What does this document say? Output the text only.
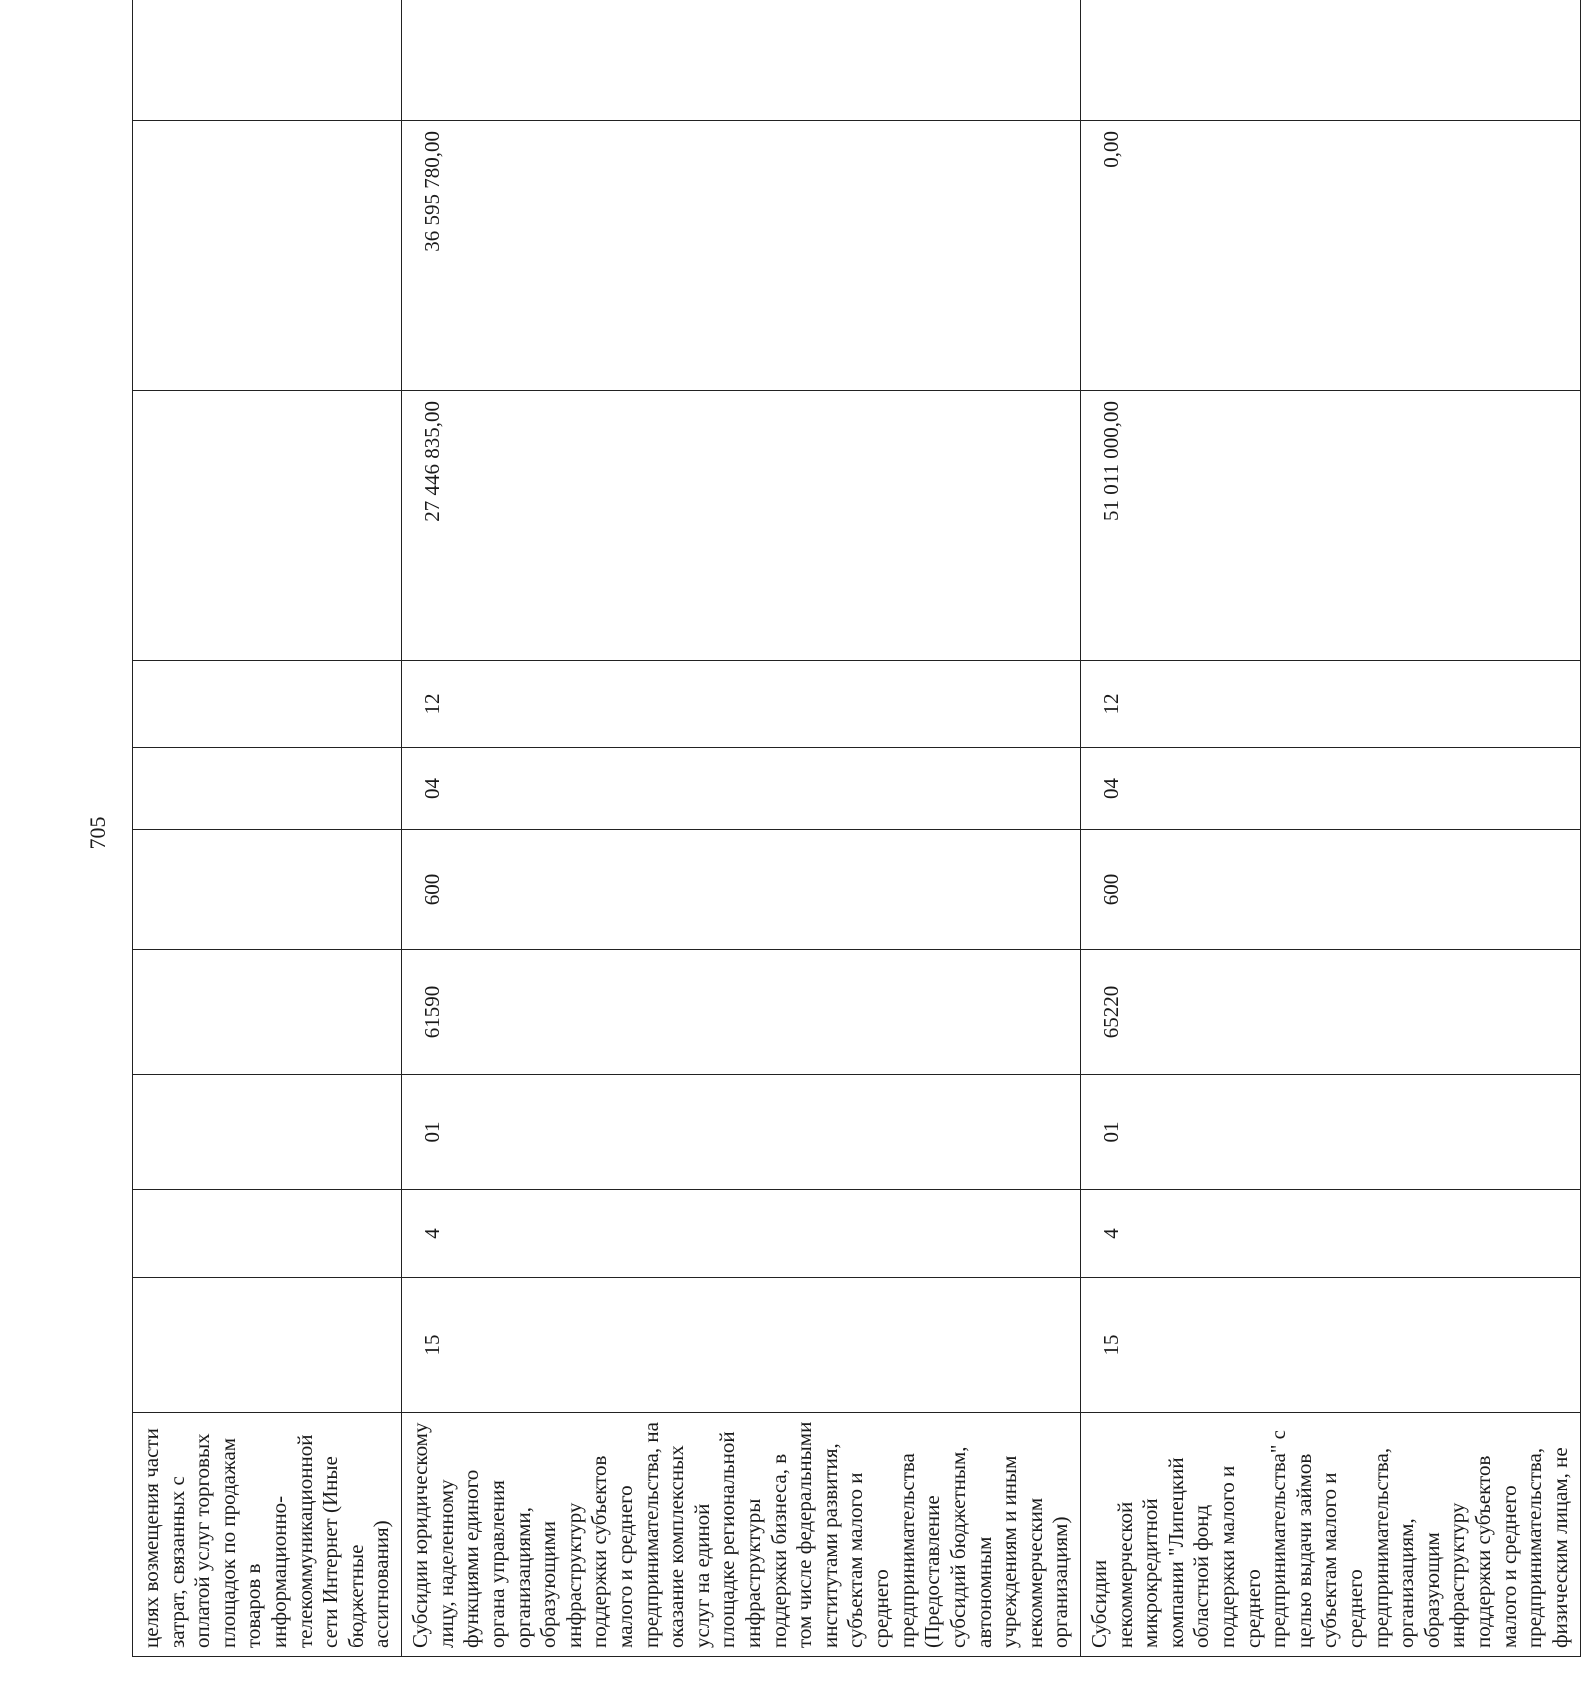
705
целях возмещения части затрат, связанных с оплатой услуг торговых площадок по продажам товаров в информационно-телекоммуникационной сети Интернет (Иные бюджетные ассигнования)										
Субсидии юридическому лицу, наделенному функциями единого органа управления организациями, образующими инфраструктуру поддержки субъектов малого и среднего предпринимательства, на оказание комплексных услуг на единой площадке региональной инфраструктуры поддержки бизнеса, в том числе федеральными институтами развития, субъектам малого и среднего предпринимательства (Предоставление субсидий бюджетным, автономным учреждениям и иным некоммерческим организациям)	15	4	01	61590	600	04	12	27 446 835,00	36 595 780,00	
Субсидии некоммерческой микрокредитной компании "Липецкий областной фонд поддержки малого и среднего предпринимательства" с целью выдачи займов субъектам малого и среднего предпринимательства, организациям, образующим инфраструктуру поддержки субъектов малого и среднего предпринимательства, физическим лицам, не	15	4	01	65220	600	04	12	51 011 000,00	0,00	
